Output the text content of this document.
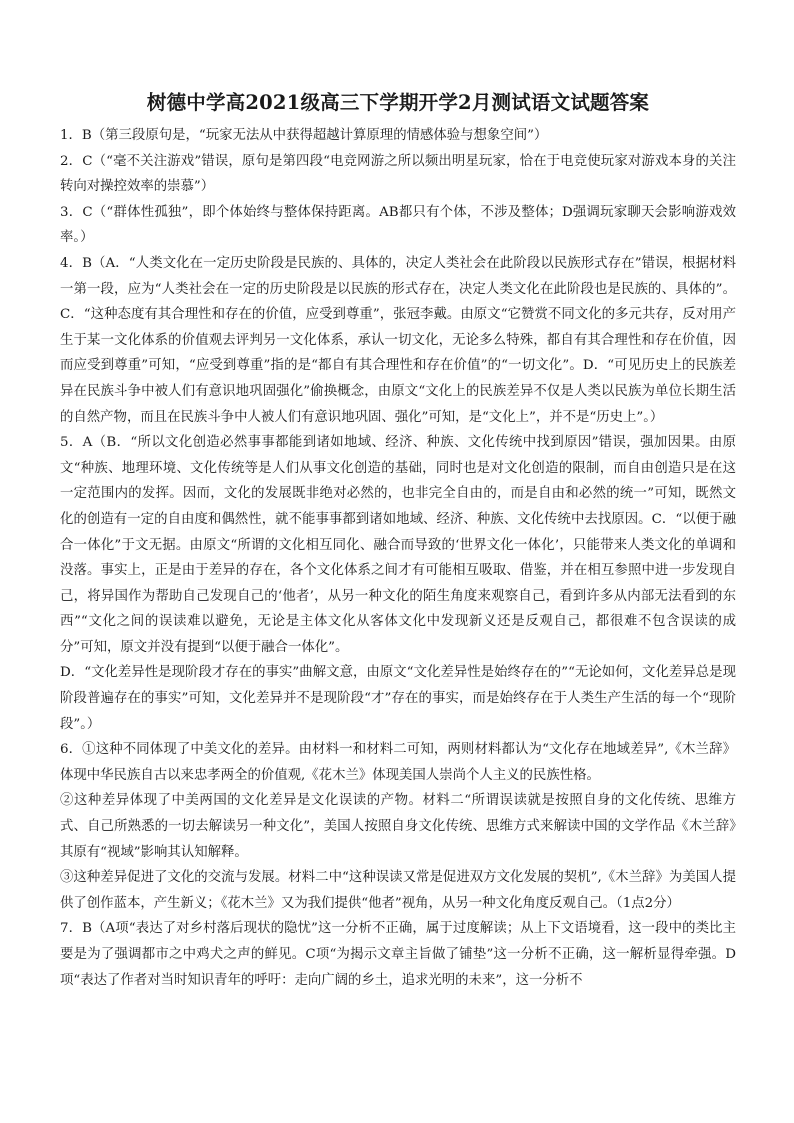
树德中学高2021级高三下学期开学2月测试语文试题答案

1．B（第三段原句是，“玩家无法从中获得超越计算原理的情感体验与想象空间”）

2．C（“毫不关注游戏”错误，原句是第四段“电竞网游之所以频出明星玩家，恰在于电竞使玩家对游戏本身的关注转向对操控效率的崇慕”）

3．C（“群体性孤独”，即个体始终与整体保持距离。AB都只有个体，不涉及整体；D强调玩家聊天会影响游戏效率。）

4．B（A．“人类文化在一定历史阶段是民族的、具体的，决定人类社会在此阶段以民族形式存在”错误，根据材料一第一段，应为“人类社会在一定的历史阶段是以民族的形式存在，决定人类文化在此阶段也是民族的、具体的”。C．“这种态度有其合理性和存在的价值，应受到尊重”，张冠李戴。由原文“它赞赏不同文化的多元共存，反对用产生于某一文化体系的价值观去评判另一文化体系，承认一切文化，无论多么特殊，都自有其合理性和存在价值，因而应受到尊重”可知，“应受到尊重”指的是“都自有其合理性和存在价值”的“一切文化”。D．“可见历史上的民族差异在民族斗争中被人们有意识地巩固强化”偷换概念，由原文“文化上的民族差异不仅是人类以民族为单位长期生活的自然产物，而且在民族斗争中人被人们有意识地巩固、强化”可知，是“文化上”，并不是“历史上”。）

5．A（B．“所以文化创造必然事事都能到诸如地域、经济、种族、文化传统中找到原因”错误，强加因果。由原文“种族、地理环境、文化传统等是人们从事文化创造的基础，同时也是对文化创造的限制，而自由创造只是在这一定范围内的发挥。因而，文化的发展既非绝对必然的，也非完全自由的，而是自由和必然的统一”可知，既然文化的创造有一定的自由度和偶然性，就不能事事都到诸如地域、经济、种族、文化传统中去找原因。C．“以便于融合一体化”于文无据。由原文“所谓的文化相互同化、融合而导致的‘世界文化一体化’，只能带来人类文化的单调和没落。事实上，正是由于差异的存在，各个文化体系之间才有可能相互吸取、借鉴，并在相互参照中进一步发现自己，将异国作为帮助自己发现自己的‘他者’，从另一种文化的陌生角度来观察自己，看到许多从内部无法看到的东西”“文化之间的误读难以避免，无论是主体文化从客体文化中发现新义还是反观自己，都很难不包含误读的成分”可知，原文并没有提到“以便于融合一体化”。

D．“文化差异性是现阶段才存在的事实”曲解文意，由原文“文化差异性是始终存在的”“无论如何，文化差异总是现阶段普遍存在的事实”可知，文化差异并不是现阶段“才”存在的事实，而是始终存在于人类生产生活的每一个“现阶段”。）

6．①这种不同体现了中美文化的差异。由材料一和材料二可知，两则材料都认为“文化存在地域差异”,《木兰辞》体现中华民族自古以来忠孝两全的价值观,《花木兰》体现美国人崇尚个人主义的民族性格。

②这种差异体现了中美两国的文化差异是文化误读的产物。材料二“所谓误读就是按照自身的文化传统、思维方式、自己所熟悉的一切去解读另一种文化”，美国人按照自身文化传统、思维方式来解读中国的文学作品《木兰辞》其原有“视域”影响其认知解释。

③这种差异促进了文化的交流与发展。材料二中“这种误读又常是促进双方文化发展的契机”,《木兰辞》为美国人提供了创作蓝本，产生新义；《花木兰》又为我们提供“他者”视角，从另一种文化角度反观自己。（1点2分）

7．B（A项“表达了对乡村落后现状的隐忧”这一分析不正确，属于过度解读；从上下文语境看，这一段中的类比主要是为了强调都市之中鸡犬之声的鲜见。C项“为揭示文章主旨做了铺垫”这一分析不正确，这一解析显得牵强。D项“表达了作者对当时知识青年的呼吁：走向广阔的乡土，追求光明的未来”，这一分析不
